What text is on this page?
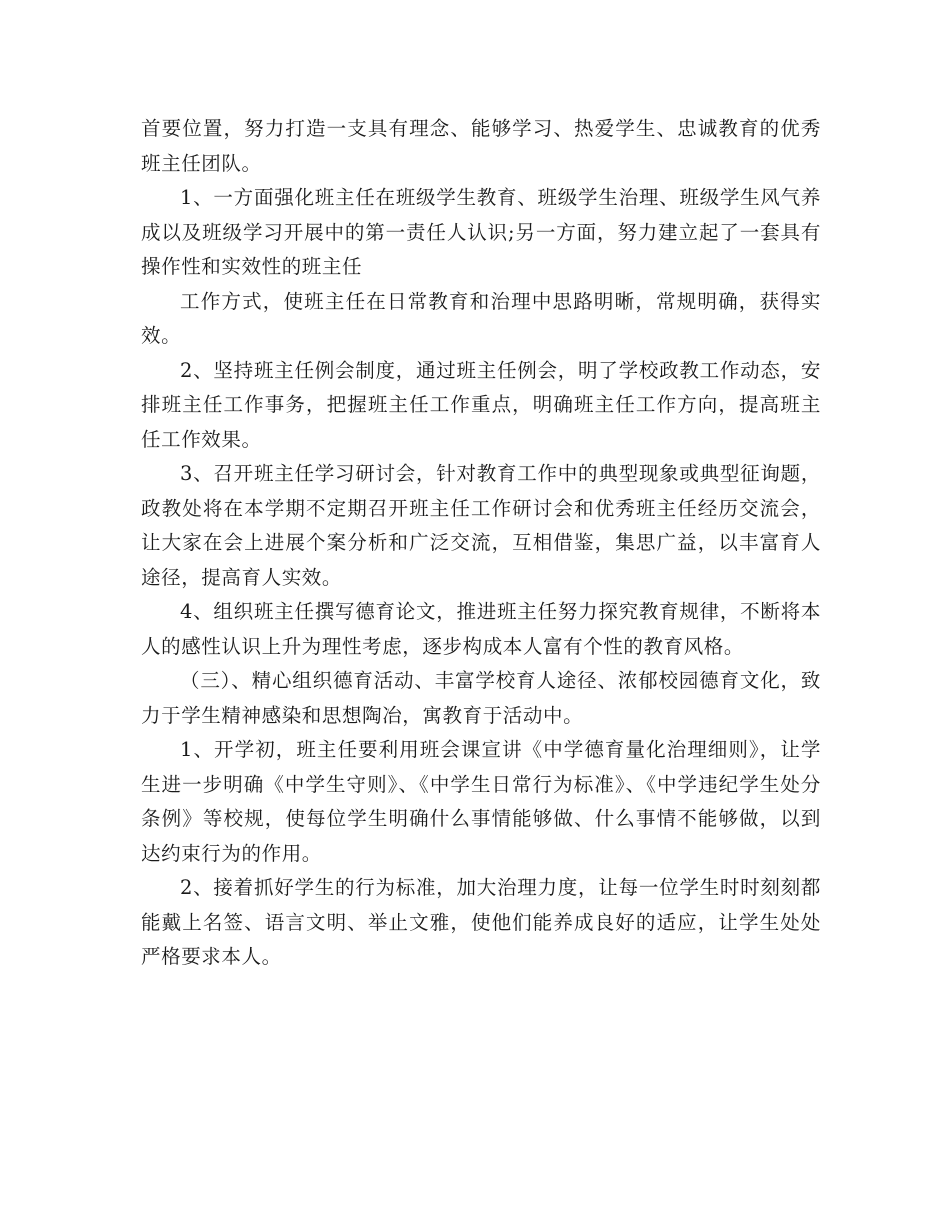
首要位置，努力打造一支具有理念、能够学习、热爱学生、忠诚教育的优秀班主任团队。

1、一方面强化班主任在班级学生教育、班级学生治理、班级学生风气养成以及班级学习开展中的第一责任人认识;另一方面，努力建立起了一套具有操作性和实效性的班主任

工作方式，使班主任在日常教育和治理中思路明晰，常规明确，获得实效。

2、坚持班主任例会制度，通过班主任例会，明了学校政教工作动态，安排班主任工作事务，把握班主任工作重点，明确班主任工作方向，提高班主任工作效果。

3、召开班主任学习研讨会，针对教育工作中的典型现象或典型征询题，政教处将在本学期不定期召开班主任工作研讨会和优秀班主任经历交流会，让大家在会上进展个案分析和广泛交流，互相借鉴，集思广益，以丰富育人途径，提高育人实效。

4、组织班主任撰写德育论文，推进班主任努力探究教育规律，不断将本人的感性认识上升为理性考虑，逐步构成本人富有个性的教育风格。

（三）、精心组织德育活动、丰富学校育人途径、浓郁校园德育文化，致力于学生精神感染和思想陶冶，寓教育于活动中。

1、开学初，班主任要利用班会课宣讲《中学德育量化治理细则》，让学生进一步明确《中学生守则》、《中学生日常行为标准》、《中学违纪学生处分条例》等校规，使每位学生明确什么事情能够做、什么事情不能够做，以到达约束行为的作用。

2、接着抓好学生的行为标准，加大治理力度，让每一位学生时时刻刻都能戴上名签、语言文明、举止文雅，使他们能养成良好的适应，让学生处处严格要求本人。
